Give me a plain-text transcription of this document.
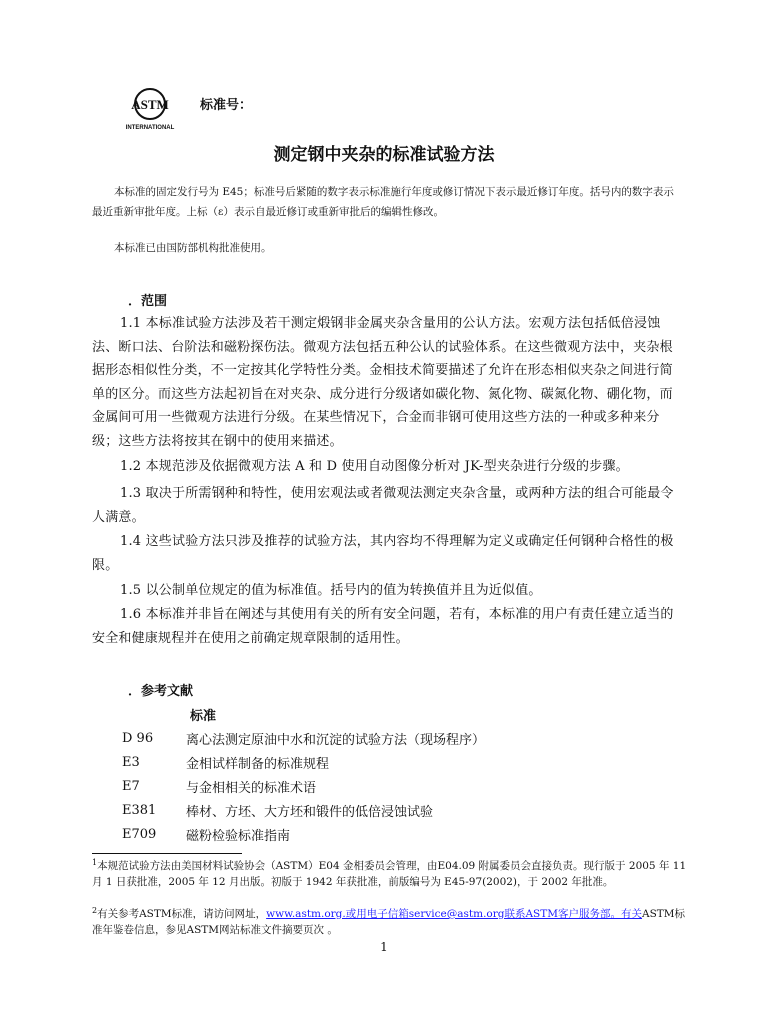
ASTM
INTERNATIONAL
标准号：
测定钢中夹杂的标准试验方法
本标准的固定发行号为 E45；标准号后紧随的数字表示标准施行年度或修订情况下表示最近修订年度。括号内的数字表示最近重新审批年度。上标（ε）表示自最近修订或重新审批后的编辑性修改。
本标准已由国防部机构批准使用。
．范围
1.1 本标准试验方法涉及若干测定煅钢非金属夹杂含量用的公认方法。宏观方法包括低倍浸蚀法、断口法、台阶法和磁粉探伤法。微观方法包括五种公认的试验体系。在这些微观方法中，夹杂根据形态相似性分类，不一定按其化学特性分类。金相技术简要描述了允许在形态相似夹杂之间进行简单的区分。而这些方法起初旨在对夹杂、成分进行分级诸如碳化物、氮化物、碳氮化物、硼化物，而金属间可用一些微观方法进行分级。在某些情况下，合金而非钢可使用这些方法的一种或多种来分级；这些方法将按其在钢中的使用来描述。
1.2 本规范涉及依据微观方法 A 和 D 使用自动图像分析对 JK-型夹杂进行分级的步骤。
1.3 取决于所需钢种和特性，使用宏观法或者微观法测定夹杂含量，或两种方法的组合可能最令人满意。
1.4 这些试验方法只涉及推荐的试验方法，其内容均不得理解为定义或确定任何钢种合格性的极限。
1.5 以公制单位规定的值为标准值。括号内的值为转换值并且为近似值。
1.6 本标准并非旨在阐述与其使用有关的所有安全问题，若有，本标准的用户有责任建立适当的安全和健康规程并在使用之前确定规章限制的适用性。
．参考文献
标准
D 96	离心法测定原油中水和沉淀的试验方法（现场程序）
E3	金相试样制备的标准规程
E7	与金相相关的标准术语
E381	棒材、方坯、大方坯和锻件的低倍浸蚀试验
E709	磁粉检验标准指南
$^1$本规范试验方法由美国材料试验协会（ASTM）E04 金相委员会管理，由E04.09 附属委员会直接负责。现行版于 2005 年 11 月 1 日获批准，2005 年 12 月出版。初版于 1942 年获批准，前版编号为 E45-97(2002)，于 2002 年批准。
$^2$有关参考ASTM标准，请访问网址，www.astm.org.或用电子信箱service@astm.org联系ASTM客户服务部。有关ASTM标准年鉴卷信息，参见ASTM网站标准文件摘要页次 。
1
